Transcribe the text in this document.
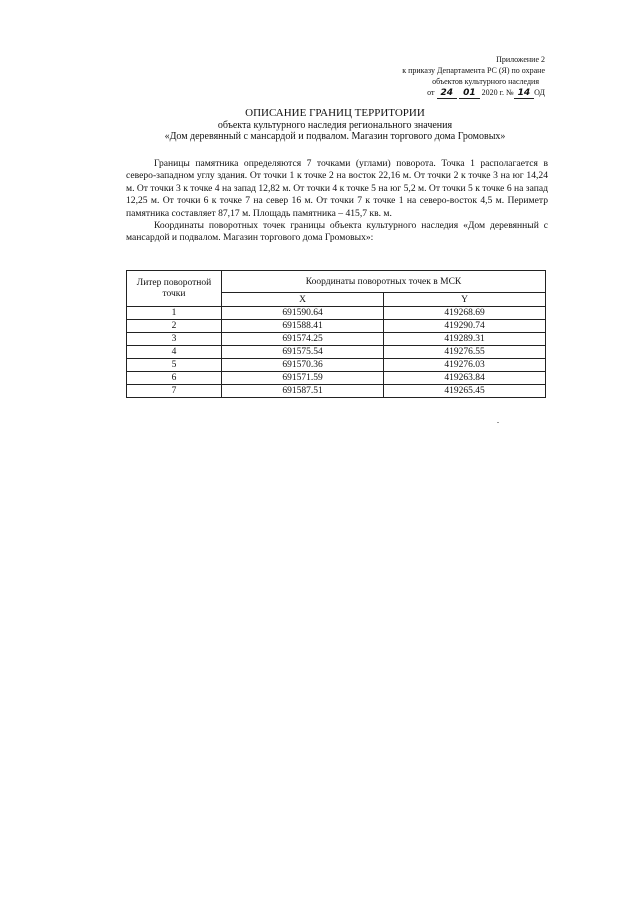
Приложение 2
к приказу Департамента РС (Я) по охране
объектов культурного наследия
от 24 01 2020 г. № 14 ОД
ОПИСАНИЕ ГРАНИЦ ТЕРРИТОРИИ
объекта культурного наследия регионального значения
«Дом деревянный с мансардой и подвалом. Магазин торгового дома Громовых»

Границы памятника определяются 7 точками (углами) поворота. Точка 1 располагается в северо-западном углу здания. От точки 1 к точке 2 на восток 22,16 м. От точки 2 к точке 3 на юг 14,24 м. От точки 3 к точке 4 на запад 12,82 м. От точки 4 к точке 5 на юг 5,2 м. От точки 5 к точке 6 на запад 12,25 м. От точки 6 к точке 7 на север 16 м. От точки 7 к точке 1 на северо-восток 4,5 м. Периметр памятника составляет 87,17 м. Площадь памятника – 415,7 кв. м.

Координаты поворотных точек границы объекта культурного наследия «Дом деревянный с мансардой и подвалом. Магазин торгового дома Громовых»:

Литер поворотной точки	Координаты поворотных точек в МСК	
	X	Y
1	691590.64	419268.69
2	691588.41	419290.74
3	691574.25	419289.31
4	691575.54	419276.55
5	691570.36	419276.03
6	691571.59	419263.84
7	691587.51	419265.45
